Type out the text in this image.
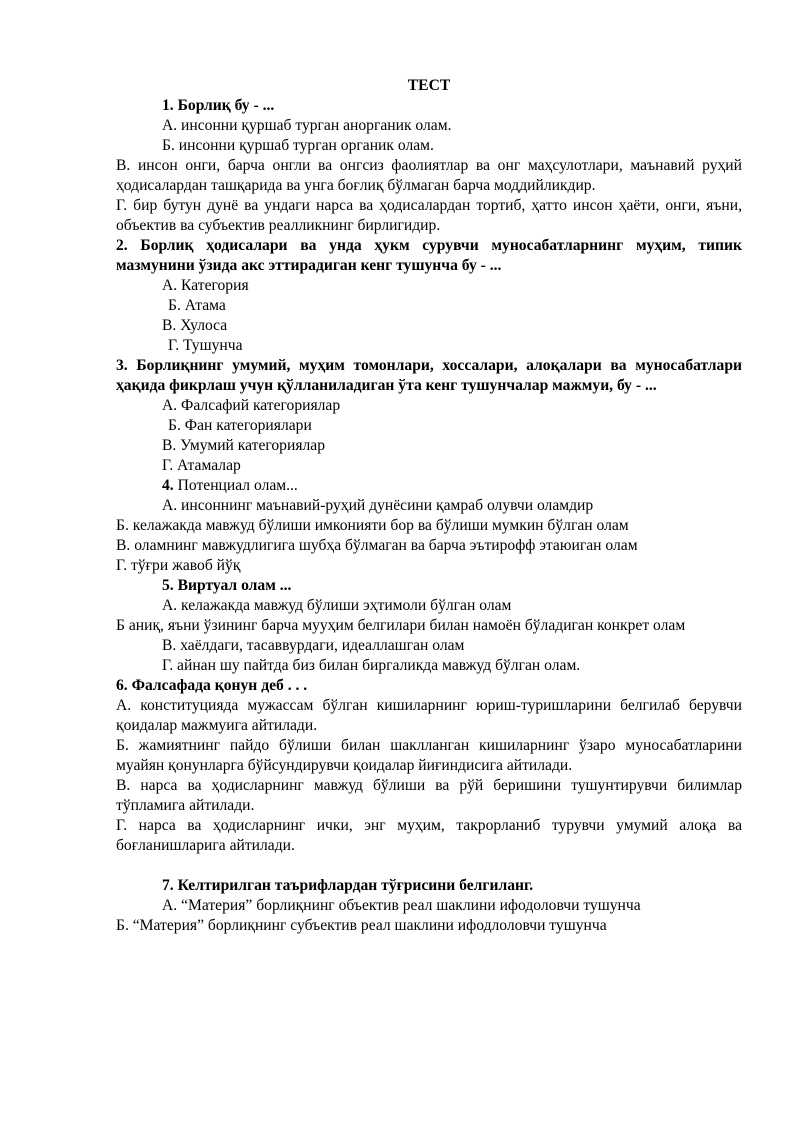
ТЕСТ

1. Борлиқ бу - ...

А. инсонни қуршаб турган анорганик олам.

Б. инсонни қуршаб турган органик олам.

В. инсон онги, барча онгли ва онгсиз фаолиятлар ва онг маҳсулотлари, маънавий руҳий ҳодисалардан ташқарида ва унга боғлиқ бўлмаган барча моддийликдир.

Г. бир бутун дунё ва ундаги нарса ва ҳодисалардан тортиб, ҳатто инсон ҳаёти, онги, яъни, объектив ва субъектив реалликнинг бирлигидир.

2. Борлиқ ҳодисалари ва унда ҳукм сурувчи муносабатларнинг муҳим, типик мазмунини ўзида акс эттирадиган кенг тушунча бу - ...

А. Категория

Б. Атама

В. Хулоса

Г. Тушунча

3. Борлиқнинг умумий, муҳим томонлари, хоссалари, алоқалари ва муносабатлари ҳақида фикрлаш учун қўлланиладиган ўта кенг тушунчалар мажмуи, бу - ...

А. Фалсафий категориялар

Б. Фан категориялари

В. Умумий категориялар

Г. Атамалар

4. Потенциал олам...

А. инсоннинг маънавий-руҳий дунёсини қамраб олувчи оламдир

Б. келажакда мавжуд бўлиши имконияти бор ва бўлиши мумкин бўлган олам

В. оламнинг мавжудлигига шубҳа бўлмаган ва барча эътирофф этаюиган олам

Г. тўғри жавоб йўқ

5. Виртуал олам ...

А. келажакда мавжуд бўлиши эҳтимоли бўлган олам

Б аниқ, яъни ўзининг барча мууҳим белгилари билан намоён бўладиган конкрет олам

В. хаёлдаги, тасаввурдаги, идеаллашган олам

Г. айнан шу пайтда биз билан биргаликда мавжуд бўлган олам.

6. Фалсафада қонун деб . . .

А. конституцияда мужассам бўлган кишиларнинг юриш-туришларини белгилаб берувчи қоидалар мажмуига айтилади.

Б. жамиятнинг пайдо бўлиши билан шаклланган кишиларнинг ўзаро муносабатларини муайян қонунларга бўйсундирувчи қоидалар йиғиндисига айтилади.

В. нарса ва ҳодисларнинг мавжуд бўлиши ва рўй беришини тушунтирувчи билимлар тўпламига айтилади.

Г. нарса ва ҳодисларнинг ички, энг муҳим, такрорланиб турувчи умумий алоқа ва боғланишларига айтилади.

7. Келтирилган таърифлардан тўғрисини белгиланг.

А. “Материя” борлиқнинг объектив реал шаклини ифодоловчи тушунча

Б. “Материя” борлиқнинг субъектив реал шаклини ифодлоловчи тушунча
